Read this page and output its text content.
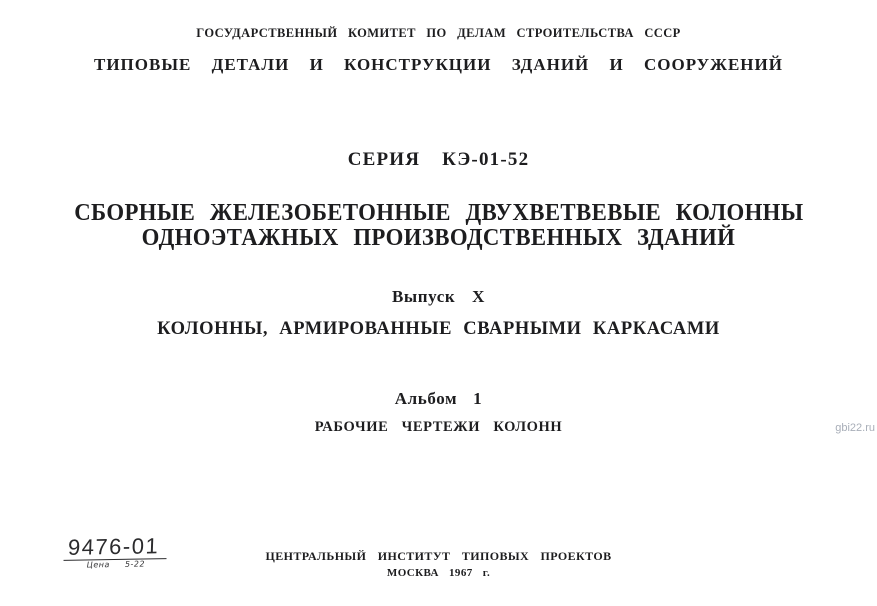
ГОСУДАРСТВЕННЫЙ КОМИТЕТ ПО ДЕЛАМ СТРОИТЕЛЬСТВА СССР
ТИПОВЫЕ ДЕТАЛИ И КОНСТРУКЦИИ ЗДАНИЙ И СООРУЖЕНИЙ
СЕРИЯ КЭ-01-52
СБОРНЫЕ ЖЕЛЕЗОБЕТОННЫЕ ДВУХВЕТВЕВЫЕ КОЛОННЫ
ОДНОЭТАЖНЫХ ПРОИЗВОДСТВЕННЫХ ЗДАНИЙ
Выпуск X
КОЛОННЫ, АРМИРОВАННЫЕ СВАРНЫМИ КАРКАСАМИ
Альбом 1
РАБОЧИЕ ЧЕРТЕЖИ КОЛОНН	gbi22.ru
9476-01
Цена 5-22
ЦЕНТРАЛЬНЫЙ ИНСТИТУТ ТИПОВЫХ ПРОЕКТОВ
МОСКВА 1967 г.
